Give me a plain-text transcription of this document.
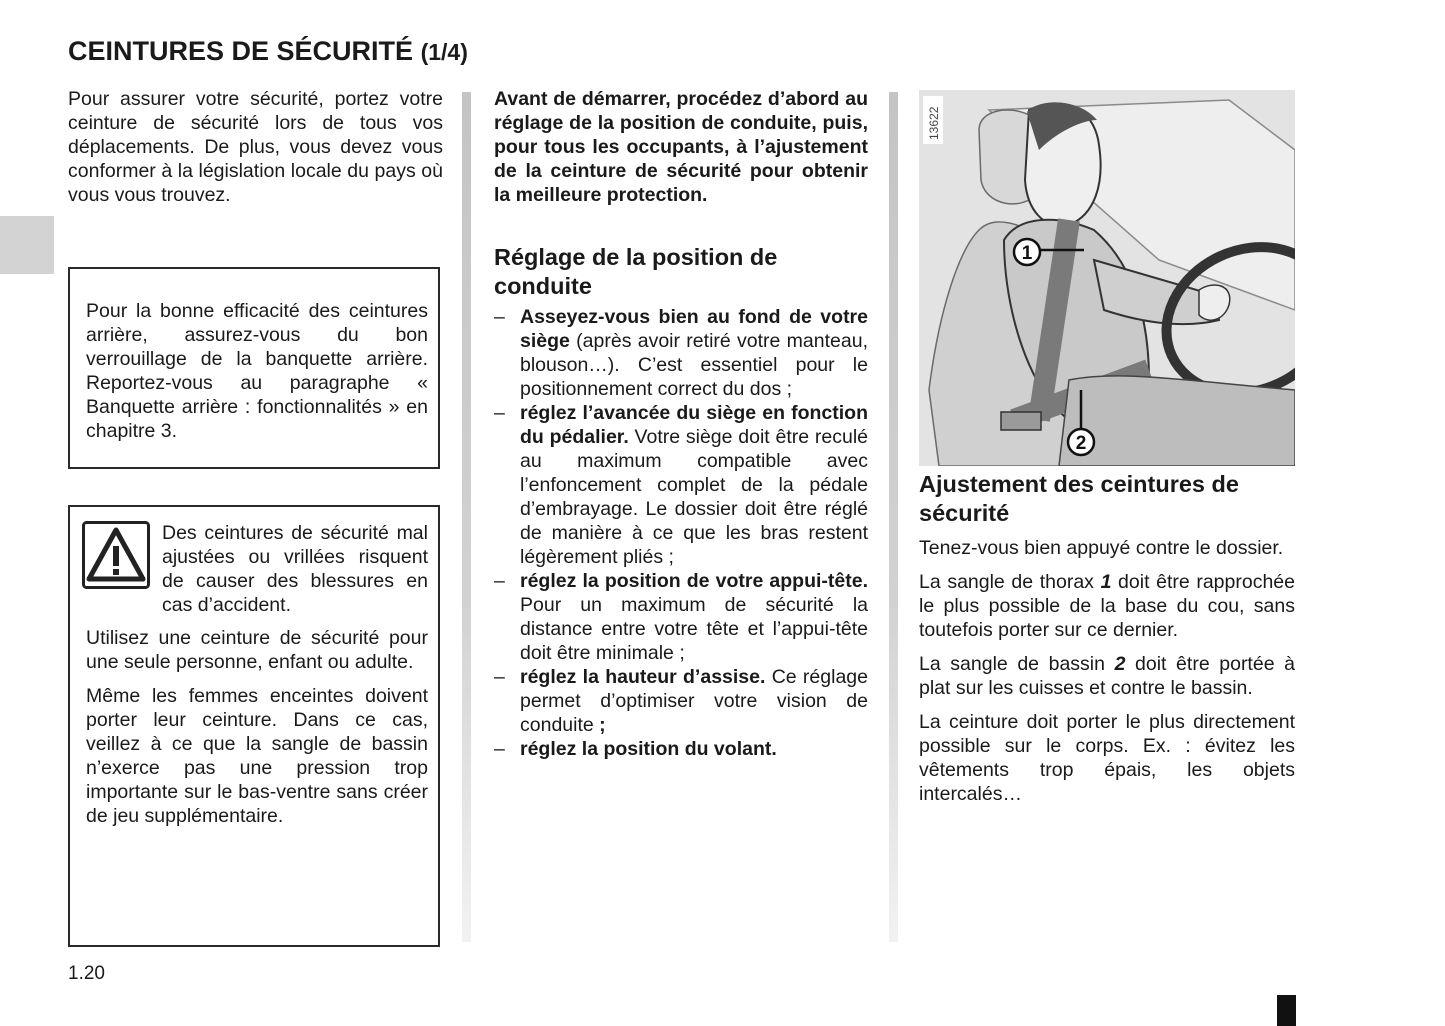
CEINTURES DE SÉCURITÉ (1/4)

Pour assurer votre sécurité, portez votre ceinture de sécurité lors de tous vos déplacements. De plus, vous devez vous conformer à la législation locale du pays où vous vous trouvez.

Pour la bonne efficacité des ceintures arrière, assurez-vous du bon verrouillage de la banquette arrière. Reportez-vous au paragraphe « Banquette arrière : fonctionnalités » en chapitre 3.

Des ceintures de sécurité mal ajustées ou vrillées risquent de causer des blessures en cas d’accident.

Utilisez une ceinture de sécurité pour une seule personne, enfant ou adulte.

Même les femmes enceintes doivent porter leur ceinture. Dans ce cas, veillez à ce que la sangle de bassin n’exerce pas une pression trop importante sur le bas-ventre sans créer de jeu supplémentaire.

Avant de démarrer, procédez d’abord au réglage de la position de conduite, puis, pour tous les occupants, à l’ajustement de la ceinture de sécurité pour obtenir la meilleure protection.

Réglage de la position de conduite
– Asseyez-vous bien au fond de votre siège (après avoir retiré votre manteau, blouson…). C’est essentiel pour le positionnement correct du dos ;
– réglez l’avancée du siège en fonction du pédalier. Votre siège doit être reculé au maximum compatible avec l’enfoncement complet de la pédale d’embrayage. Le dossier doit être réglé de manière à ce que les bras restent légèrement pliés ;
– réglez la position de votre appui-tête. Pour un maximum de sécurité la distance entre votre tête et l’appui-tête doit être minimale ;
– réglez la hauteur d’assise. Ce réglage permet d’optimiser votre vision de conduite ;
– réglez la position du volant.
1
2
13622
Ajustement des ceintures de sécurité

Tenez-vous bien appuyé contre le dossier.

La sangle de thorax 1 doit être rapprochée le plus possible de la base du cou, sans toutefois porter sur ce dernier.

La sangle de bassin 2 doit être portée à plat sur les cuisses et contre le bassin.

La ceinture doit porter le plus directement possible sur le corps. Ex. : évitez les vêtements trop épais, les objets intercalés…

1.20
